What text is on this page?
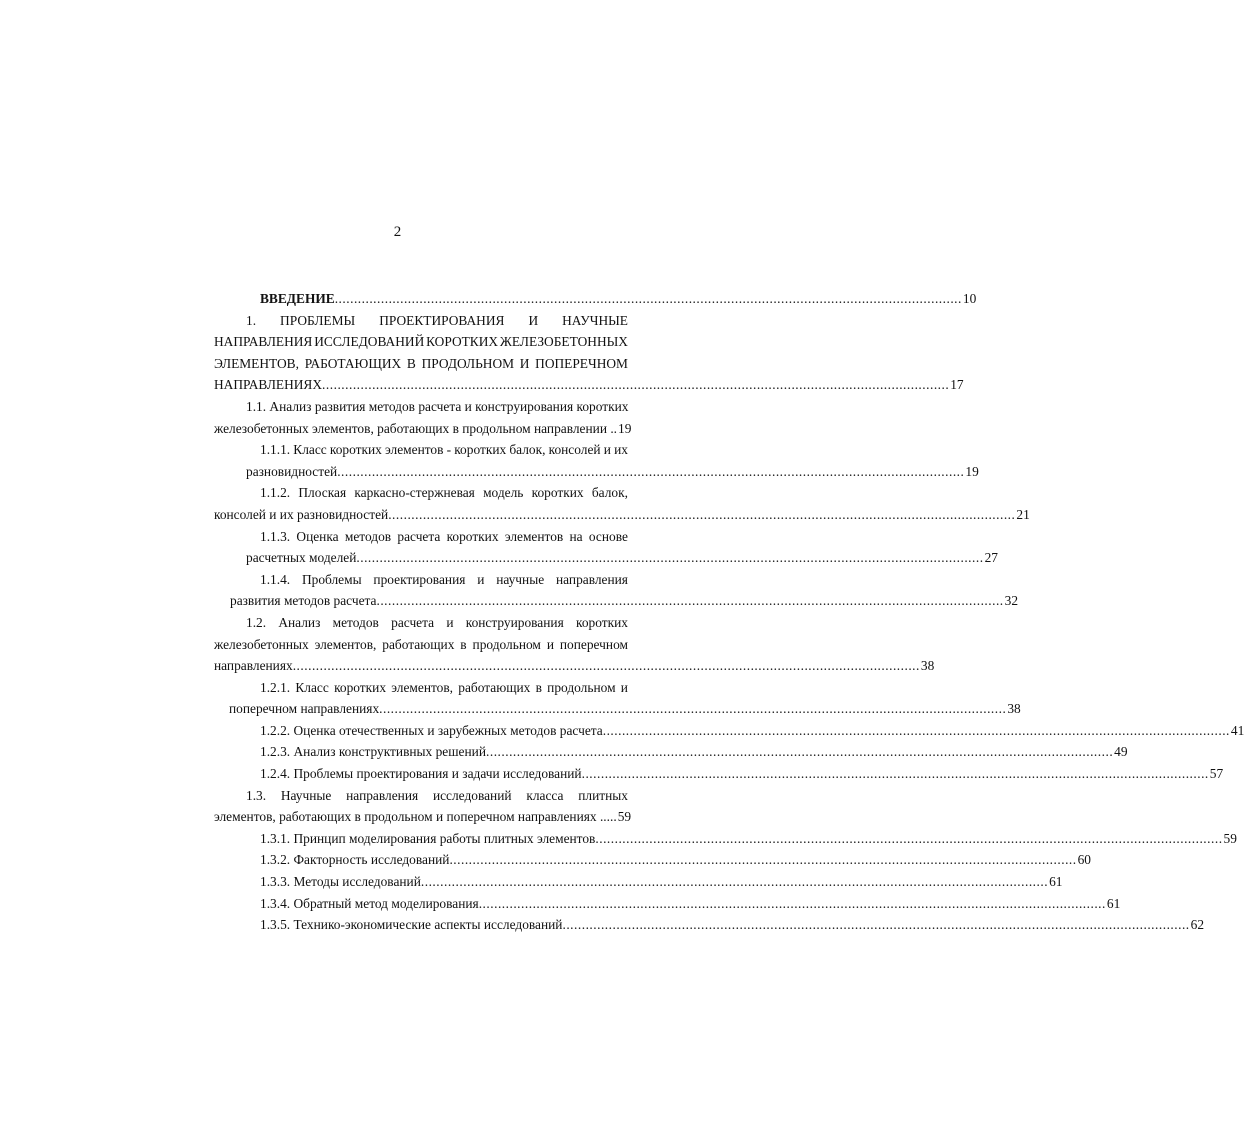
2
ВВЕДЕНИЕ ................................................................................................................................................................... 10
1. ПРОБЛЕМЫ ПРОЕКТИРОВАНИЯ И НАУЧНЫЕ
НАПРАВЛЕНИЯ ИССЛЕДОВАНИЙ КОРОТКИХ ЖЕЛЕЗОБЕТОННЫХ
ЭЛЕМЕНТОВ, РАБОТАЮЩИХ В ПРОДОЛЬНОМ И ПОПЕРЕЧНОМ
НАПРАВЛЕНИЯХ ................................................................................................................................................................... 17
1.1. Анализ развития методов расчета и конструирования коротких
железобетонных элементов, работающих в продольном направлении .. 19
1.1.1. Класс коротких элементов - коротких балок, консолей и их
разновидностей ................................................................................................................................................................... 19
1.1.2. Плоская каркасно-стержневая модель коротких балок,
консолей и их разновидностей ................................................................................................................................................................... 21
1.1.3. Оценка методов расчета коротких элементов на основе
расчетных моделей ................................................................................................................................................................... 27
1.1.4. Проблемы проектирования и научные направления
развития методов расчета ................................................................................................................................................................... 32
1.2. Анализ методов расчета и конструирования коротких
железобетонных элементов, работающих в продольном и поперечном
направлениях ................................................................................................................................................................... 38
1.2.1. Класс коротких элементов, работающих в продольном и
поперечном направлениях ................................................................................................................................................................... 38
1.2.2. Оценка отечественных и зарубежных методов расчета ................................................................................................................................................................... 41
1.2.3. Анализ конструктивных решений ................................................................................................................................................................... 49
1.2.4. Проблемы проектирования и задачи исследований ................................................................................................................................................................... 57
1.3. Научные направления исследований класса плитных
элементов, работающих в продольном и поперечном направлениях ..... 59
1.3.1. Принцип моделирования работы плитных элементов ................................................................................................................................................................... 59
1.3.2. Факторность исследований ................................................................................................................................................................... 60
1.3.3. Методы исследований ................................................................................................................................................................... 61
1.3.4. Обратный метод моделирования ................................................................................................................................................................... 61
1.3.5. Технико-экономические аспекты исследований ................................................................................................................................................................... 62
